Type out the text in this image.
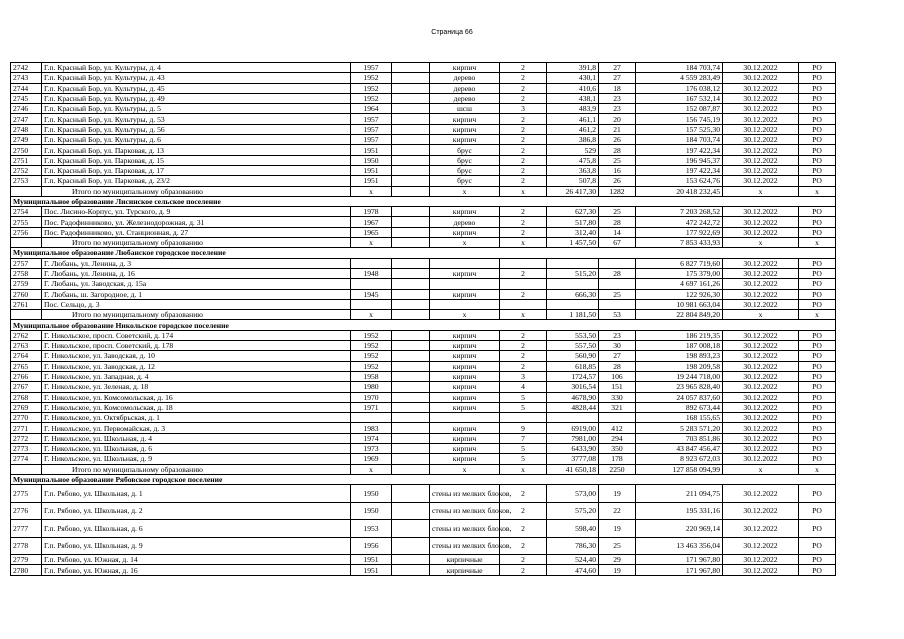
Страница 66
2742	Г.п. Красный Бор, ул. Культуры, д. 4	1957		кирпич	2	391,8	27	184 703,74	30.12.2022	РО
2743	Г.п. Красный Бор, ул. Культуры, д. 43	1952		дерево	2	430,1	27	4 559 283,49	30.12.2022	РО
2744	Г.п. Красный Бор, ул. Культуры, д. 45	1952		дерево	2	410,6	18	176 038,12	30.12.2022	РО
2745	Г.п. Красный Бор, ул. Культуры, д. 49	1952		дерево	2	438,1	23	167 532,14	30.12.2022	РО
2746	Г.п. Красный Бор, ул. Культуры, д. 5	1964		шсш	3	483,9	23	152 087,87	30.12.2022	РО
2747	Г.п. Красный Бор, ул. Культуры, д. 53	1957		кирпич	2	461,1	20	156 745,19	30.12.2022	РО
2748	Г.п. Красный Бор, ул. Культуры, д. 56	1957		кирпич	2	461,2	21	157 525,30	30.12.2022	РО
2749	Г.п. Красный Бор, ул. Культуры, д. 6	1957		кирпич	2	386,8	26	184 703,74	30.12.2022	РО
2750	Г.п. Красный Бор, ул. Парковая, д. 13	1951		брус	2	529	28	197 422,34	30.12.2022	РО
2751	Г.п. Красный Бор, ул. Парковая, д. 15	1950		брус	2	475,8	25	196 945,37	30.12.2022	РО
2752	Г.п. Красный Бор, ул. Парковая, д. 17	1951		брус	2	363,8	16	197 422,34	30.12.2022	РО
2753	Г.п. Красный Бор, ул. Парковая, д. 23/2	1951		брус	2	507,8	26	153 624,76	30.12.2022	РО
	Итого по муниципальному образованию	х		х	х	26 417,30	1282	20 418 232,45	х	х
Муниципальное образование Лисинское сельское поселение										
2754	Пос. Лисино-Корпус, ул. Турского, д. 9	1978		кирпич	2	627,30	25	7 203 268,52	30.12.2022	РО
2755	Пос. Радофинниково, ул. Железнодорожная, д. 31	1967		дерево	2	517,80	28	472 242,72	30.12.2022	РО
2756	Пос. Радофинниково, ул. Станционная, д. 27	1965		кирпич	2	312,40	14	177 922,69	30.12.2022	РО
	Итого по муниципальному образованию	х		х	х	1 457,50	67	7 853 433,93	х	х
Муниципальное образование Любанское городское поселение										
2757	Г. Любань, ул. Ленина, д. 3							6 827 719,60	30.12.2022	РО
2758	Г. Любань, ул. Ленина, д. 16	1948		кирпич	2	515,20	28	175 379,00	30.12.2022	РО
2759	Г. Любань, ул. Заводская, д. 15а							4 697 161,26	30.12.2022	РО
2760	Г. Любань, ш. Загородное, д. 1	1945		кирпич	2	666,30	25	122 926,30	30.12.2022	РО
2761	Пос. Сельцо, д. 3							10 981 663,04	30.12.2022	РО
	Итого по муниципальному образованию	х		х	х	1 181,50	53	22 804 849,20	х	х
Муниципальное образование Никольское городское поселение										
2762	Г. Никольское, просп. Советский, д. 174	1952		кирпич	2	553,50	23	186 219,35	30.12.2022	РО
2763	Г. Никольское, просп. Советский, д. 178	1952		кирпич	2	557,50	30	187 008,18	30.12.2022	РО
2764	Г. Никольское, ул. Заводская, д. 10	1952		кирпич	2	560,90	27	198 893,23	30.12.2022	РО
2765	Г. Никольское, ул. Заводская, д. 12	1952		кирпич	2	618,85	28	198 209,58	30.12.2022	РО
2766	Г. Никольское, ул. Западная, д. 4	1958		кирпич	3	1724,57	106	19 244 718,00	30.12.2022	РО
2767	Г. Никольское, ул. Зеленая, д. 18	1980		кирпич	4	3016,54	151	23 965 828,40	30.12.2022	РО
2768	Г. Никольское, ул. Комсомольская, д. 16	1970		кирпич	5	4678,90	330	24 057 837,60	30.12.2022	РО
2769	Г. Никольское, ул. Комсомольская, д. 18	1971		кирпич	5	4828,44	321	892 673,44	30.12.2022	РО
2770	Г. Никольское, ул. Октябрьская, д. 1							168 155,65	30.12.2022	РО
2771	Г. Никольское, ул. Первомайская, д. 3	1983		кирпич	9	6919,00	412	5 283 571,20	30.12.2022	РО
2772	Г. Никольское, ул. Школьная, д. 4	1974		кирпич	7	7981,00	294	703 851,86	30.12.2022	РО
2773	Г. Никольское, ул. Школьная, д. 6	1973		кирпич	5	6433,90	350	43 847 456,47	30.12.2022	РО
2774	Г. Никольское, ул. Школьная, д. 9	1969		кирпич	5	3777,08	178	8 923 672,03	30.12.2022	РО
	Итого по муниципальному образованию	х		х	х	41 650,18	2250	127 858 094,99	х	х
Муниципальное образование Рябовское городское поселение										
2775	Г.п. Рябово, ул. Школьная, д. 1	1950		стены из мелких блоков,	2	573,00	19	211 094,75	30.12.2022	РО
2776	Г.п. Рябово, ул. Школьная, д. 2	1950		стены из мелких блоков,	2	575,20	22	195 331,16	30.12.2022	РО
2777	Г.п. Рябово, ул. Школьная, д. 6	1953		стены из мелких блоков,	2	598,40	19	220 969,14	30.12.2022	РО
2778	Г.п. Рябово, ул. Школьная, д. 9	1956		стены из мелких блоков,	2	786,30	25	13 463 356,04	30.12.2022	РО
2779	Г.п. Рябово, ул. Южная, д. 14	1951		кирпичные	2	524,40	29	171 967,80	30.12.2022	РО
2780	Г.п. Рябово, ул. Южная, д. 16	1951		кирпичные	2	474,60	19	171 967,80	30.12.2022	РО
